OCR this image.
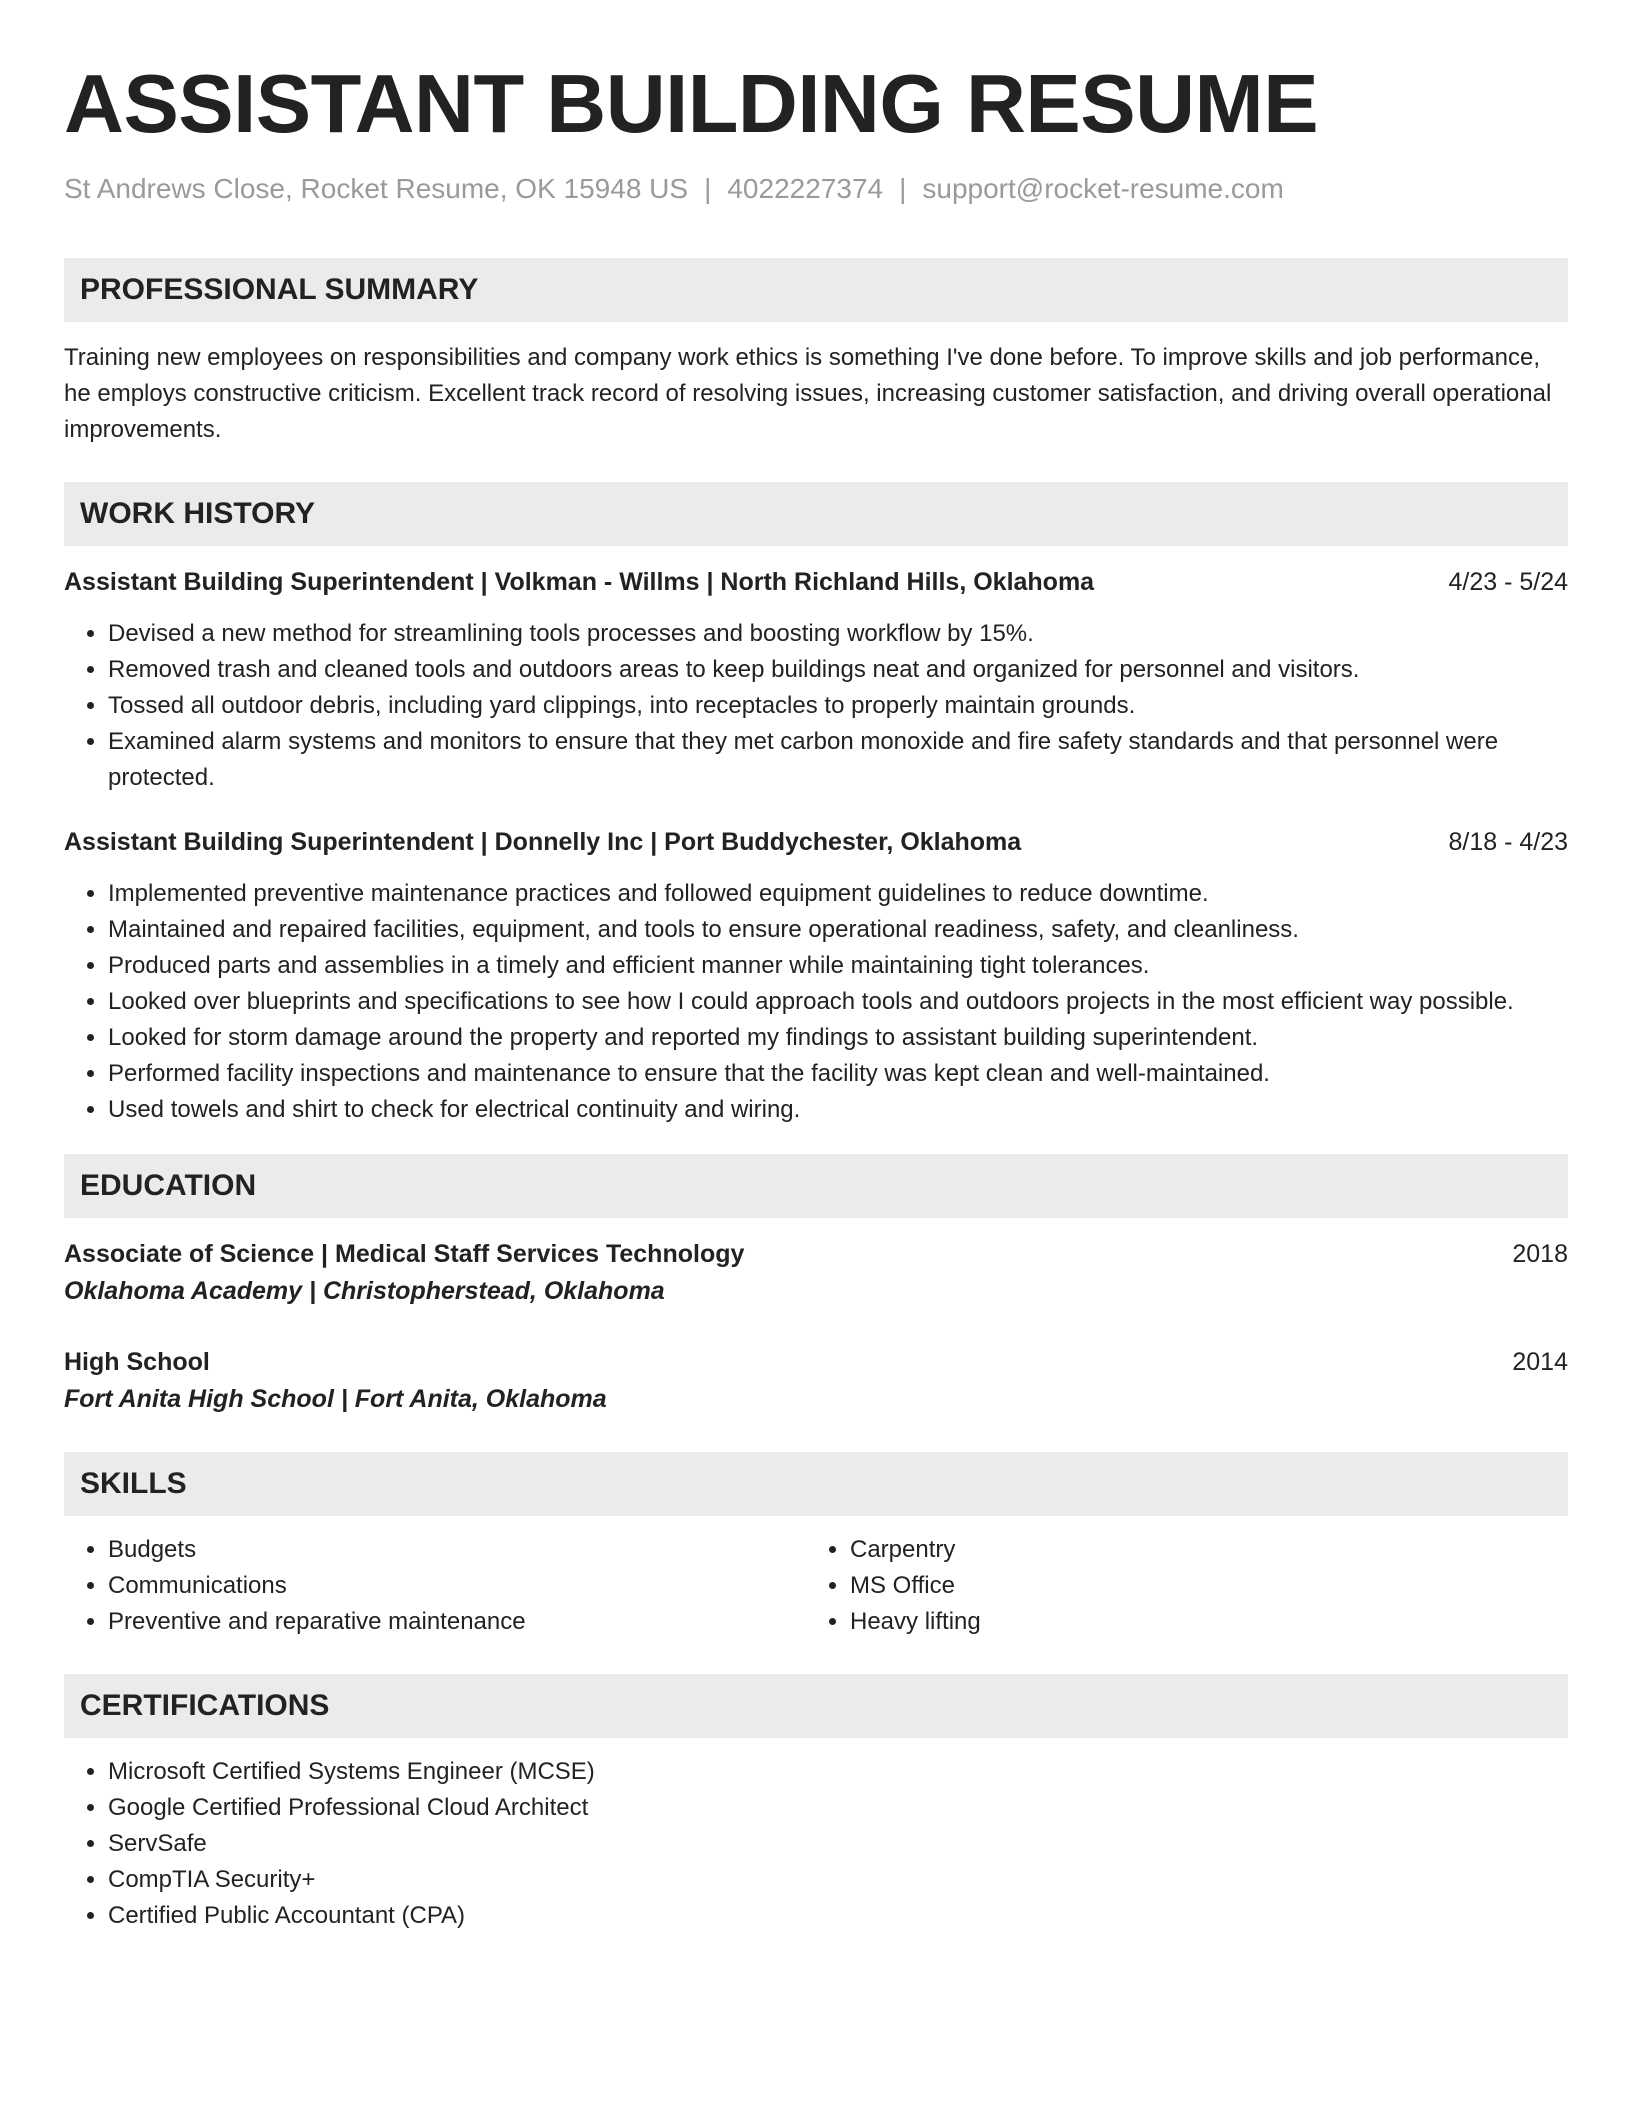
ASSISTANT BUILDING RESUME
St Andrews Close, Rocket Resume, OK 15948 US | 4022227374 | support@rocket-resume.com
PROFESSIONAL SUMMARY

Training new employees on responsibilities and company work ethics is something I've done before. To improve skills and job performance, he employs constructive criticism. Excellent track record of resolving issues, increasing customer satisfaction, and driving overall operational improvements.

WORK HISTORY
Assistant Building Superintendent | Volkman - Willms | North Richland Hills, Oklahoma	4/23 - 5/24
• Devised a new method for streamlining tools processes and boosting workflow by 15%.
• Removed trash and cleaned tools and outdoors areas to keep buildings neat and organized for personnel and visitors.
• Tossed all outdoor debris, including yard clippings, into receptacles to properly maintain grounds.
• Examined alarm systems and monitors to ensure that they met carbon monoxide and fire safety standards and that personnel were protected.
Assistant Building Superintendent | Donnelly Inc | Port Buddychester, Oklahoma	8/18 - 4/23
• Implemented preventive maintenance practices and followed equipment guidelines to reduce downtime.
• Maintained and repaired facilities, equipment, and tools to ensure operational readiness, safety, and cleanliness.
• Produced parts and assemblies in a timely and efficient manner while maintaining tight tolerances.
• Looked over blueprints and specifications to see how I could approach tools and outdoors projects in the most efficient way possible.
• Looked for storm damage around the property and reported my findings to assistant building superintendent.
• Performed facility inspections and maintenance to ensure that the facility was kept clean and well-maintained.
• Used towels and shirt to check for electrical continuity and wiring.
EDUCATION
Associate of Science | Medical Staff Services Technology	2018
Oklahoma Academy | Christopherstead, Oklahoma
High School	2014
Fort Anita High School | Fort Anita, Oklahoma
SKILLS
• Budgets
• Communications
• Preventive and reparative maintenance
• Carpentry
• MS Office
• Heavy lifting
CERTIFICATIONS
• Microsoft Certified Systems Engineer (MCSE)
• Google Certified Professional Cloud Architect
• ServSafe
• CompTIA Security+
• Certified Public Accountant (CPA)
